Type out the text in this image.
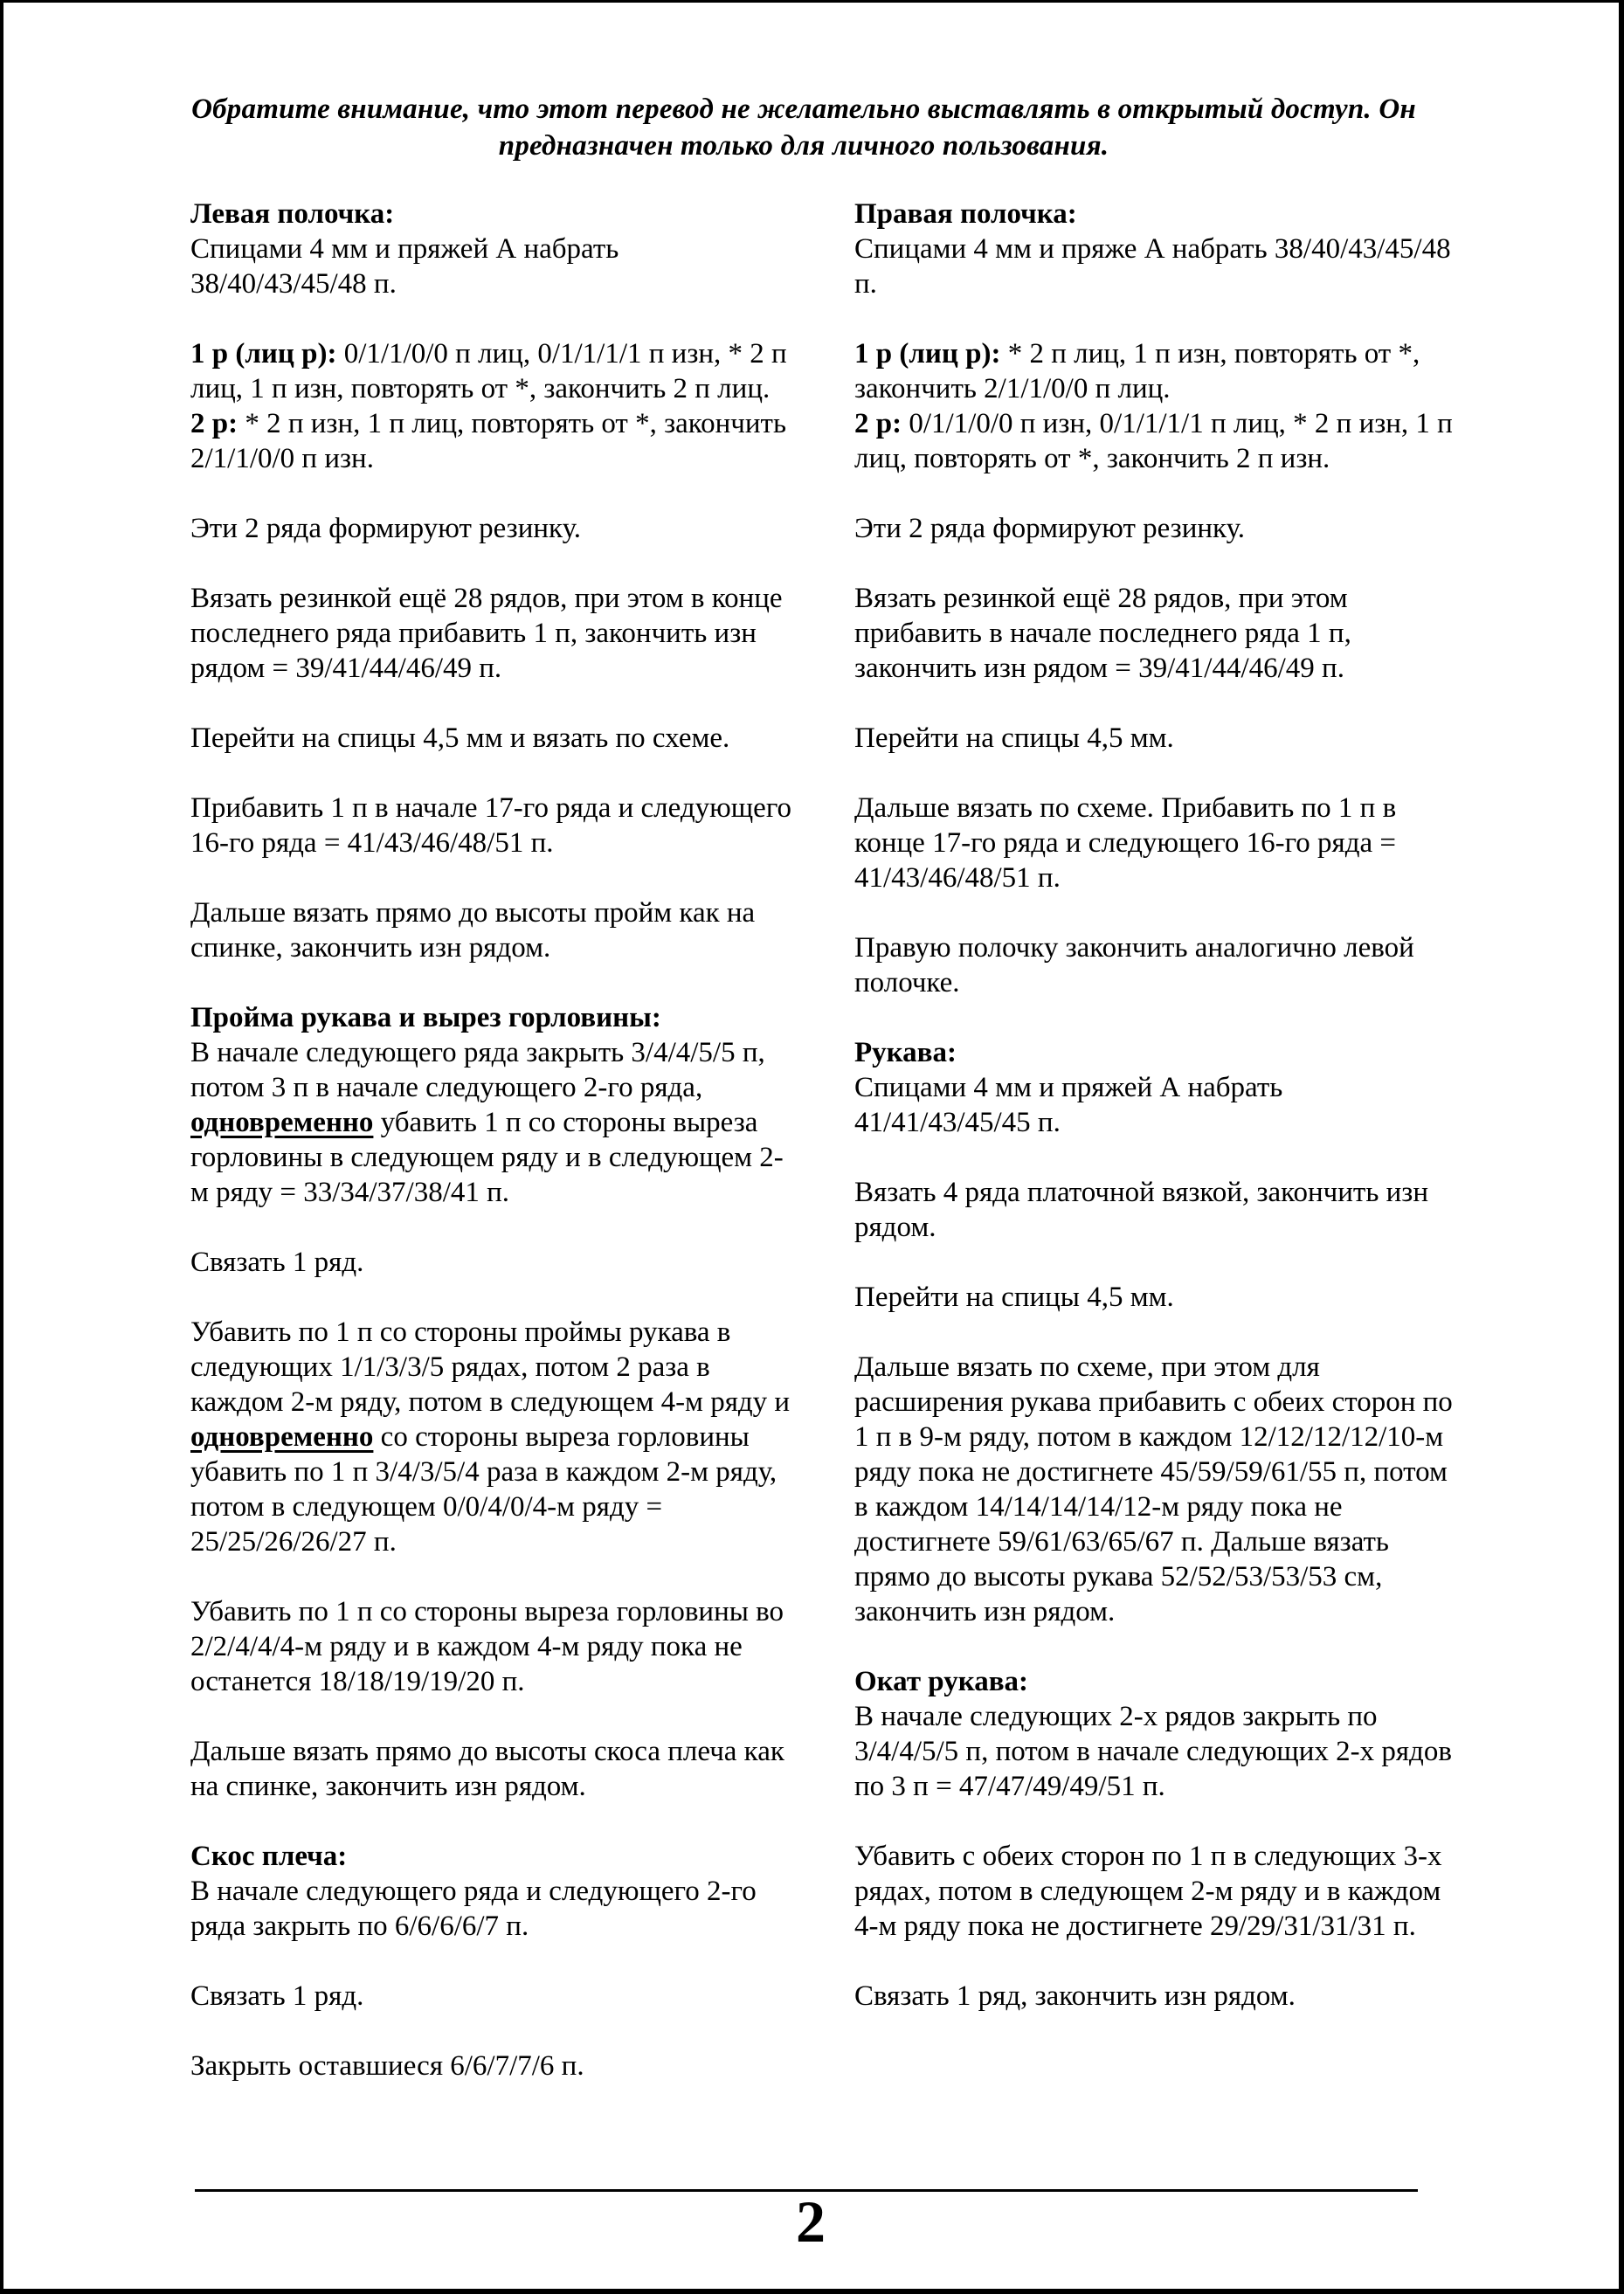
Обратите внимание, что этот перевод не желательно выставлять в открытый доступ. Он
предназначен только для личного пользования.

Левая полочка:

Спицами 4 мм и пряжей А набрать 38/40/43/45/48 п.

1 р (лиц р): 0/1/1/0/0 п лиц, 0/1/1/1/1 п изн, * 2 п лиц, 1 п изн, повторять от *, закончить 2 п лиц.

2 р: * 2 п изн, 1 п лиц, повторять от *, закончить 2/1/1/0/0 п изн.

Эти 2 ряда формируют резинку.

Вязать резинкой ещё 28 рядов, при этом в конце последнего ряда прибавить 1 п, закончить изн рядом = 39/41/44/46/49 п.

Перейти на спицы 4,5 мм и вязать по схеме.

Прибавить 1 п в начале 17-го ряда и следующего 16-го ряда = 41/43/46/48/51 п.

Дальше вязать прямо до высоты пройм как на спинке, закончить изн рядом.

Пройма рукава и вырез горловины:

В начале следующего ряда закрыть 3/4/4/5/5 п, потом 3 п в начале следующего 2-го ряда, одновременно убавить 1 п со стороны выреза горловины в следующем ряду и в следующем 2-м ряду = 33/34/37/38/41 п.

Связать 1 ряд.

Убавить по 1 п со стороны проймы рукава в следующих 1/1/3/3/5 рядах, потом 2 раза в каждом 2-м ряду, потом в следующем 4-м ряду и одновременно со стороны выреза горловины убавить по 1 п 3/4/3/5/4 раза в каждом 2-м ряду, потом в следующем 0/0/4/0/4-м ряду = 25/25/26/26/27 п.

Убавить по 1 п со стороны выреза горловины во 2/2/4/4/4-м ряду и в каждом 4-м ряду пока не останется 18/18/19/19/20 п.

Дальше вязать прямо до высоты скоса плеча как на спинке, закончить изн рядом.

Скос плеча:

В начале следующего ряда и следующего 2-го ряда закрыть по 6/6/6/6/7 п.

Связать 1 ряд.

Закрыть оставшиеся 6/6/7/7/6 п.

Правая полочка:

Спицами 4 мм и пряже А набрать 38/40/43/45/48 п.

1 р (лиц р): * 2 п лиц, 1 п изн, повторять от *, закончить 2/1/1/0/0 п лиц.

2 р: 0/1/1/0/0 п изн, 0/1/1/1/1 п лиц, * 2 п изн, 1 п лиц, повторять от *, закончить 2 п изн.

Эти 2 ряда формируют резинку.

Вязать резинкой ещё 28 рядов, при этом прибавить в начале последнего ряда 1 п, закончить изн рядом = 39/41/44/46/49 п.

Перейти на спицы 4,5 мм.

Дальше вязать по схеме. Прибавить по 1 п в конце 17-го ряда и следующего 16-го ряда = 41/43/46/48/51 п.

Правую полочку закончить аналогично левой полочке.

Рукава:

Спицами 4 мм и пряжей А набрать 41/41/43/45/45 п.

Вязать 4 ряда платочной вязкой, закончить изн рядом.

Перейти на спицы 4,5 мм.

Дальше вязать по схеме, при этом для расширения рукава прибавить с обеих сторон по 1 п в 9-м ряду, потом в каждом 12/12/12/12/10-м ряду пока не достигнете 45/59/59/61/55 п, потом в каждом 14/14/14/14/12-м ряду пока не достигнете 59/61/63/65/67 п. Дальше вязать прямо до высоты рукава 52/52/53/53/53 см, закончить изн рядом.

Окат рукава:

В начале следующих 2-х рядов закрыть по 3/4/4/5/5 п, потом в начале следующих 2-х рядов по 3 п = 47/47/49/49/51 п.

Убавить с обеих сторон по 1 п в следующих 3-х рядах, потом в следующем 2-м ряду и в каждом 4-м ряду пока не достигнете 29/29/31/31/31 п.

Связать 1 ряд, закончить изн рядом.

2
